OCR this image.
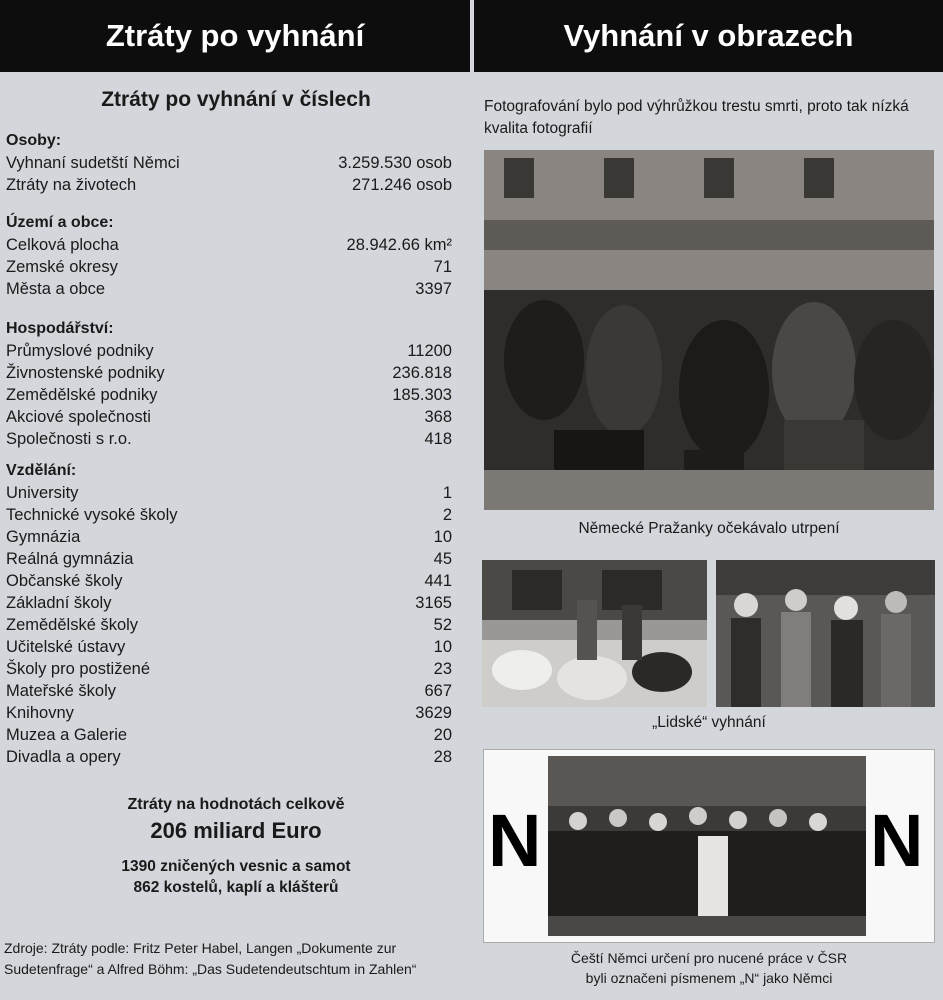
Ztráty po vyhnání
Ztráty po vyhnání v číslech
Osoby:
Vyhnaní sudetští Němci	3.259.530 osob
Ztráty na životech	271.246 osob
Území a obce:
Celková plocha	28.942.66 km²
Zemské okresy	71
Města a obce	3397
Hospodářství:
Průmyslové podniky	11200
Živnostenské podniky	236.818
Zemědělské podniky	185.303
Akciové společnosti	368
Společnosti s r.o.	418
Vzdělání:
University	1
Technické vysoké školy	2
Gymnázia	10
Reálná gymnázia	45
Občanské školy	441
Základní školy	3165
Zemědělské školy	52
Učitelské ústavy	10
Školy pro postižené	23
Mateřské školy	667
Knihovny	3629
Muzea a Galerie	20
Divadla a opery	28
Ztráty na hodnotách celkově
206 miliard Euro
1390 zničených vesnic a samot
862 kostelů, kaplí a klášterů
Zdroje: Ztráty podle: Fritz Peter Habel, Langen „Dokumente zur Sudetenfrage“ a Alfred Böhm: „Das Sudetendeutschtum in Zahlen“
Vyhnání v obrazech
Fotografování bylo pod výhrůžkou trestu smrti, proto tak nízká kvalita fotografií
Německé Pražanky očekávalo utrpení
„Lidské“ vyhnání
N	N
Čeští Němci určení pro nucené práce v ČSR
byli označeni písmenem „N“ jako Němci
